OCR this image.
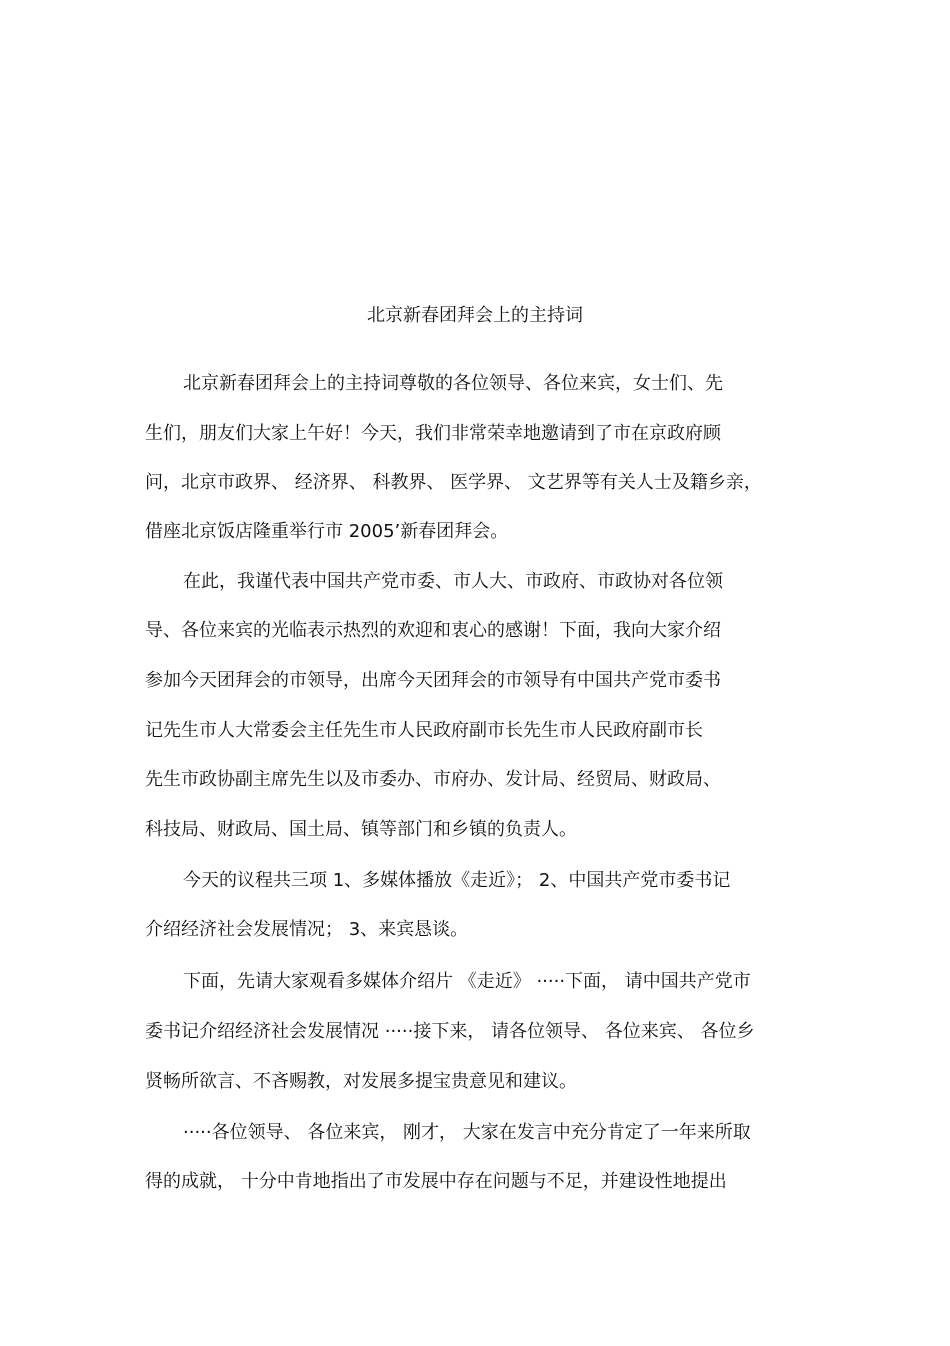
北京新春团拜会上的主持词
北京新春团拜会上的主持词尊敬的各位领导、各位来宾，女士们、先
生们，朋友们大家上午好！今天，我们非常荣幸地邀请到了市在京政府顾
问，北京市政界、 经济界、 科教界、 医学界、 文艺界等有关人士及籍乡亲，
借座北京饭店隆重举行市 2005’新春团拜会。
在此，我谨代表中国共产党市委、市人大、市政府、市政协对各位领
导、各位来宾的光临表示热烈的欢迎和衷心的感谢！下面，我向大家介绍
参加今天团拜会的市领导，出席今天团拜会的市领导有中国共产党市委书
记先生市人大常委会主任先生市人民政府副市长先生市人民政府副市长
先生市政协副主席先生以及市委办、市府办、发计局、经贸局、财政局、
科技局、财政局、国土局、镇等部门和乡镇的负责人。
今天的议程共三项 1、多媒体播放《走近》； 2、中国共产党市委书记
介绍经济社会发展情况； 3、来宾恳谈。
下面，先请大家观看多媒体介绍片 《走近》 ·····下面， 请中国共产党市
委书记介绍经济社会发展情况 ·····接下来， 请各位领导、 各位来宾、 各位乡
贤畅所欲言、不吝赐教，对发展多提宝贵意见和建议。
·····各位领导、 各位来宾， 刚才， 大家在发言中充分肯定了一年来所取
得的成就， 十分中肯地指出了市发展中存在问题与不足，并建设性地提出
